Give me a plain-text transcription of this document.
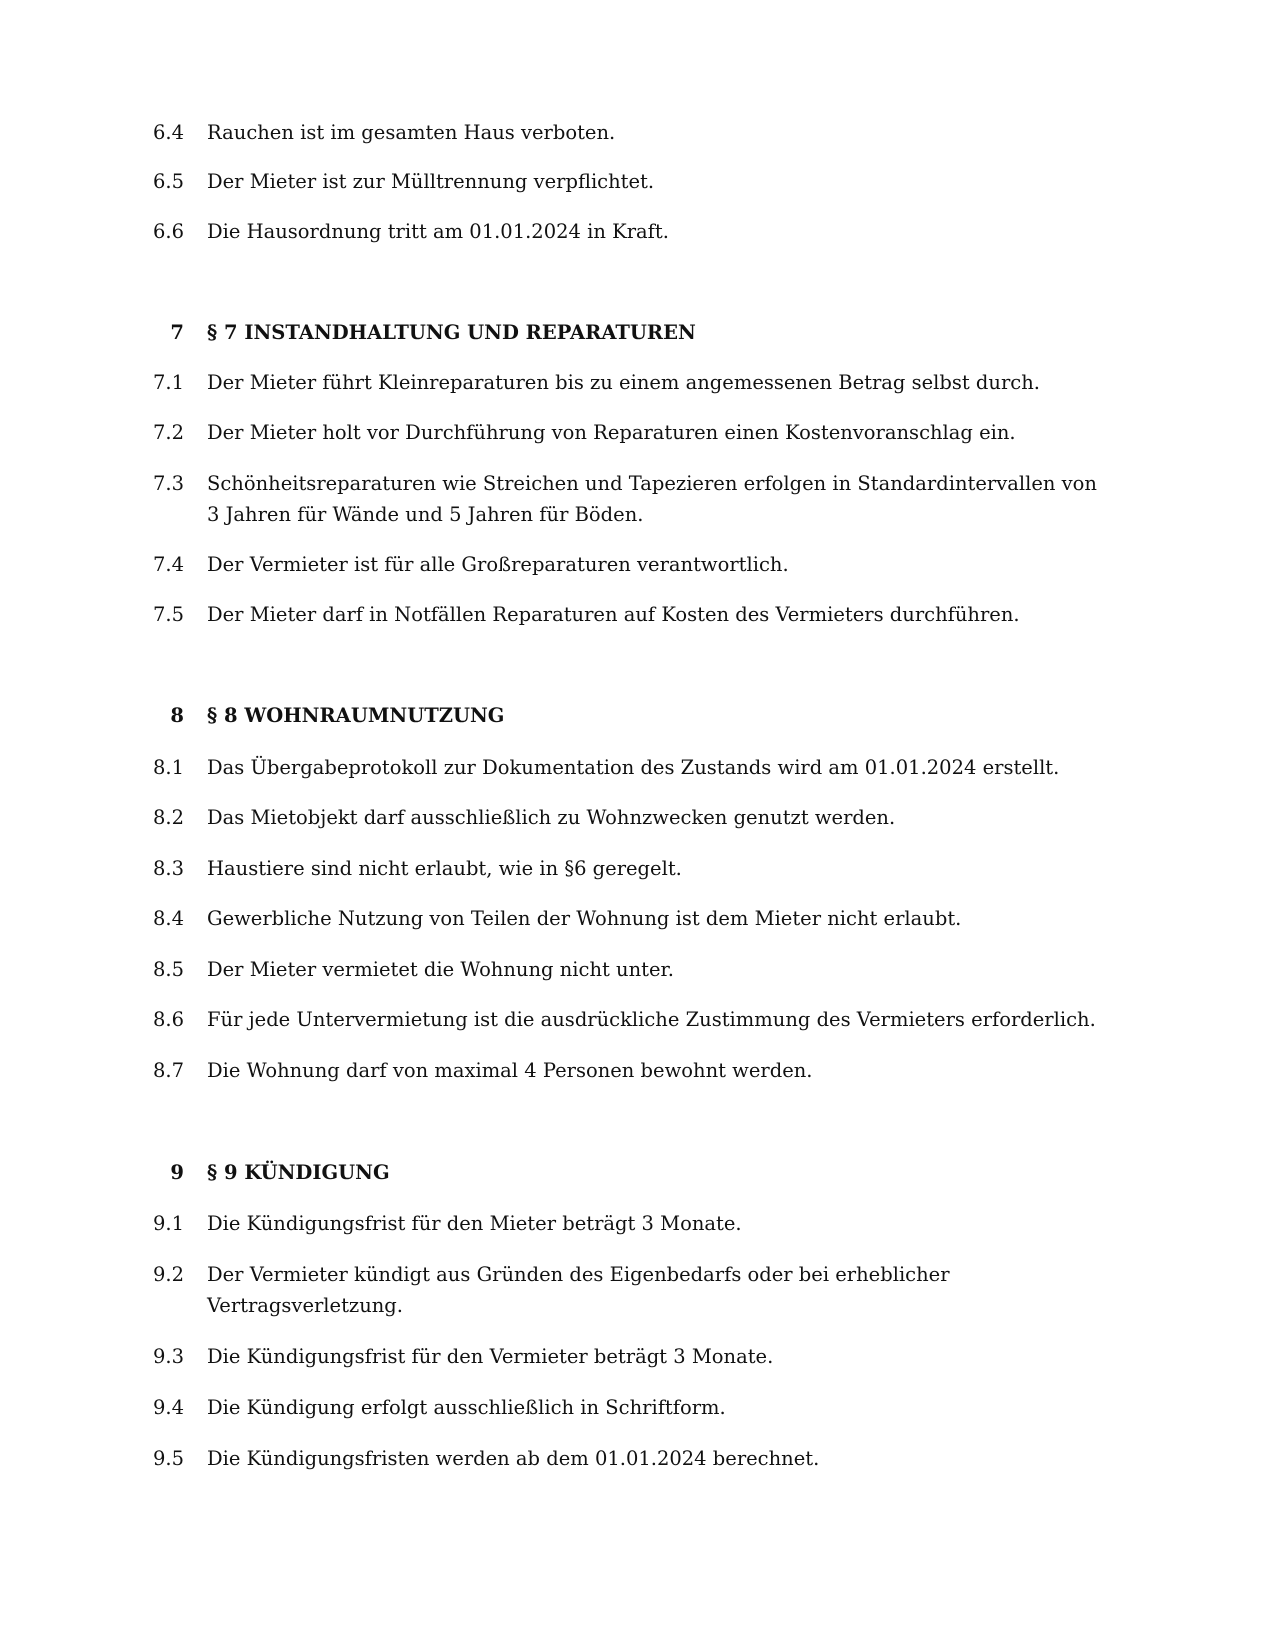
6.4 Rauchen ist im gesamten Haus verboten.
6.5 Der Mieter ist zur Mülltrennung verpflichtet.
6.6 Die Hausordnung tritt am 01.01.2024 in Kraft.
7 § 7 INSTANDHALTUNG UND REPARATUREN
7.1 Der Mieter führt Kleinreparaturen bis zu einem angemessenen Betrag selbst durch.
7.2 Der Mieter holt vor Durchführung von Reparaturen einen Kostenvoranschlag ein.
7.3 Schönheitsreparaturen wie Streichen und Tapezieren erfolgen in Standardintervallen von 3 Jahren für Wände und 5 Jahren für Böden.
7.4 Der Vermieter ist für alle Großreparaturen verantwortlich.
7.5 Der Mieter darf in Notfällen Reparaturen auf Kosten des Vermieters durchführen.
8 § 8 WOHNRAUMNUTZUNG
8.1 Das Übergabeprotokoll zur Dokumentation des Zustands wird am 01.01.2024 erstellt.
8.2 Das Mietobjekt darf ausschließlich zu Wohnzwecken genutzt werden.
8.3 Haustiere sind nicht erlaubt, wie in §6 geregelt.
8.4 Gewerbliche Nutzung von Teilen der Wohnung ist dem Mieter nicht erlaubt.
8.5 Der Mieter vermietet die Wohnung nicht unter.
8.6 Für jede Untervermietung ist die ausdrückliche Zustimmung des Vermieters erforderlich.
8.7 Die Wohnung darf von maximal 4 Personen bewohnt werden.
9 § 9 KÜNDIGUNG
9.1 Die Kündigungsfrist für den Mieter beträgt 3 Monate.
9.2 Der Vermieter kündigt aus Gründen des Eigenbedarfs oder bei erheblicher Vertragsverletzung.
9.3 Die Kündigungsfrist für den Vermieter beträgt 3 Monate.
9.4 Die Kündigung erfolgt ausschließlich in Schriftform.
9.5 Die Kündigungsfristen werden ab dem 01.01.2024 berechnet.
